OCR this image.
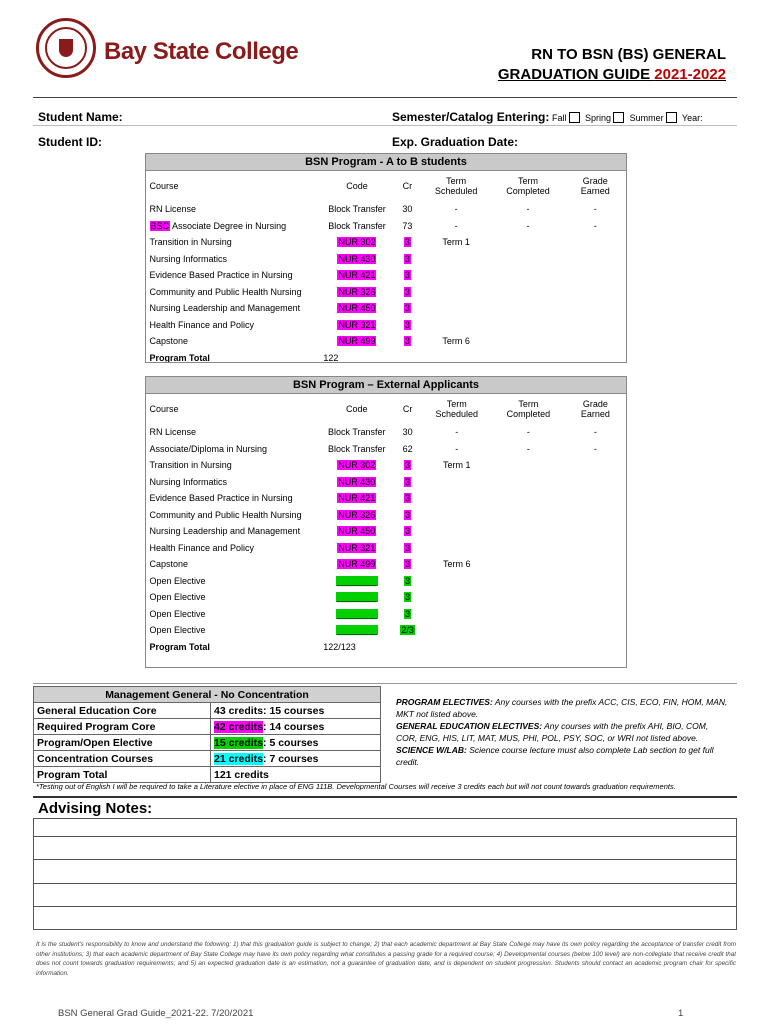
Bay State College	RN TO BSN (BS) GENERAL
GRADUATION GUIDE 2021-2022
Student Name:	Semester/Catalog Entering: Fall Spring Summer Year:
Student ID:	Exp. Graduation Date:
BSN Program - A to B students					
Course	Code	Cr	Term Scheduled	Term Completed	Grade Earned
RN License	Block Transfer	30	-	-	-
BSC Associate Degree in Nursing	Block Transfer	73	-	-	-
Transition in Nursing	NUR 302	3	Term 1		
Nursing Informatics	NUR 430	3			
Evidence Based Practice in Nursing	NUR 421	3			
Community and Public Health Nursing	NUR 326	3			
Nursing Leadership and Management	NUR 450	3			
Health Finance and Policy	NUR 321	3			
Capstone	NUR 499	3	Term 6		
Program Total	122				
BSN Program – External Applicants					
Course	Code	Cr	Term Scheduled	Term Completed	Grade Earned
RN License	Block Transfer	30	-	-	-
Associate/Diploma in Nursing	Block Transfer	62	-	-	-
Transition in Nursing	NUR 302	3	Term 1		
Nursing Informatics	NUR 430	3			
Evidence Based Practice in Nursing	NUR 421	3			
Community and Public Health Nursing	NUR 326	3			
Nursing Leadership and Management	NUR 450	3			
Health Finance and Policy	NUR 321	3			
Capstone	NUR 499	3	Term 6		
Open Elective	________	3			
Open Elective	________	3			
Open Elective	________	3			
Open Elective	________	2/3			
Program Total	122/123				

Management General - No Concentration	
General Education Core	43 credits: 15 courses
Required Program Core	42 credits: 14 courses
Program/Open Elective	15 credits: 5 courses
Concentration Courses	21 credits: 7 courses
Program Total	121 credits
PROGRAM ELECTIVES: Any courses with the prefix ACC, CIS, ECO, FIN, HOM, MAN, MKT not listed above.
GENERAL EDUCATION ELECTIVES: Any courses with the prefix AHI, BIO, COM, COR, ENG, HIS, LIT, MAT, MUS, PHI, POL, PSY, SOC, or WRI not listed above.
SCIENCE W/LAB: Science course lecture must also complete Lab section to get full credit.
*Testing out of English I will be required to take a Literature elective in place of ENG 111B. Developmental Courses will receive 3 credits each but will not count towards graduation requirements.
Advising Notes:
It is the student's responsibility to know and understand the following: 1) that this graduation guide is subject to change; 2) that each academic department at Bay State College may have its own policy regarding the acceptance of transfer credit from other institutions; 3) that each academic department of Bay State College may have its own policy regarding what constitutes a passing grade for a required course; 4) Developmental courses (below 100 level) are non-collegiate that receive credit that does not count towards graduation requirements; and 5) an expected graduation date is an estimation, not a guarantee of graduation date, and is dependent on student progression. Students should contact an academic program chair for specific information.
BSN General Grad Guide_2021-22. 7/20/2021	1
